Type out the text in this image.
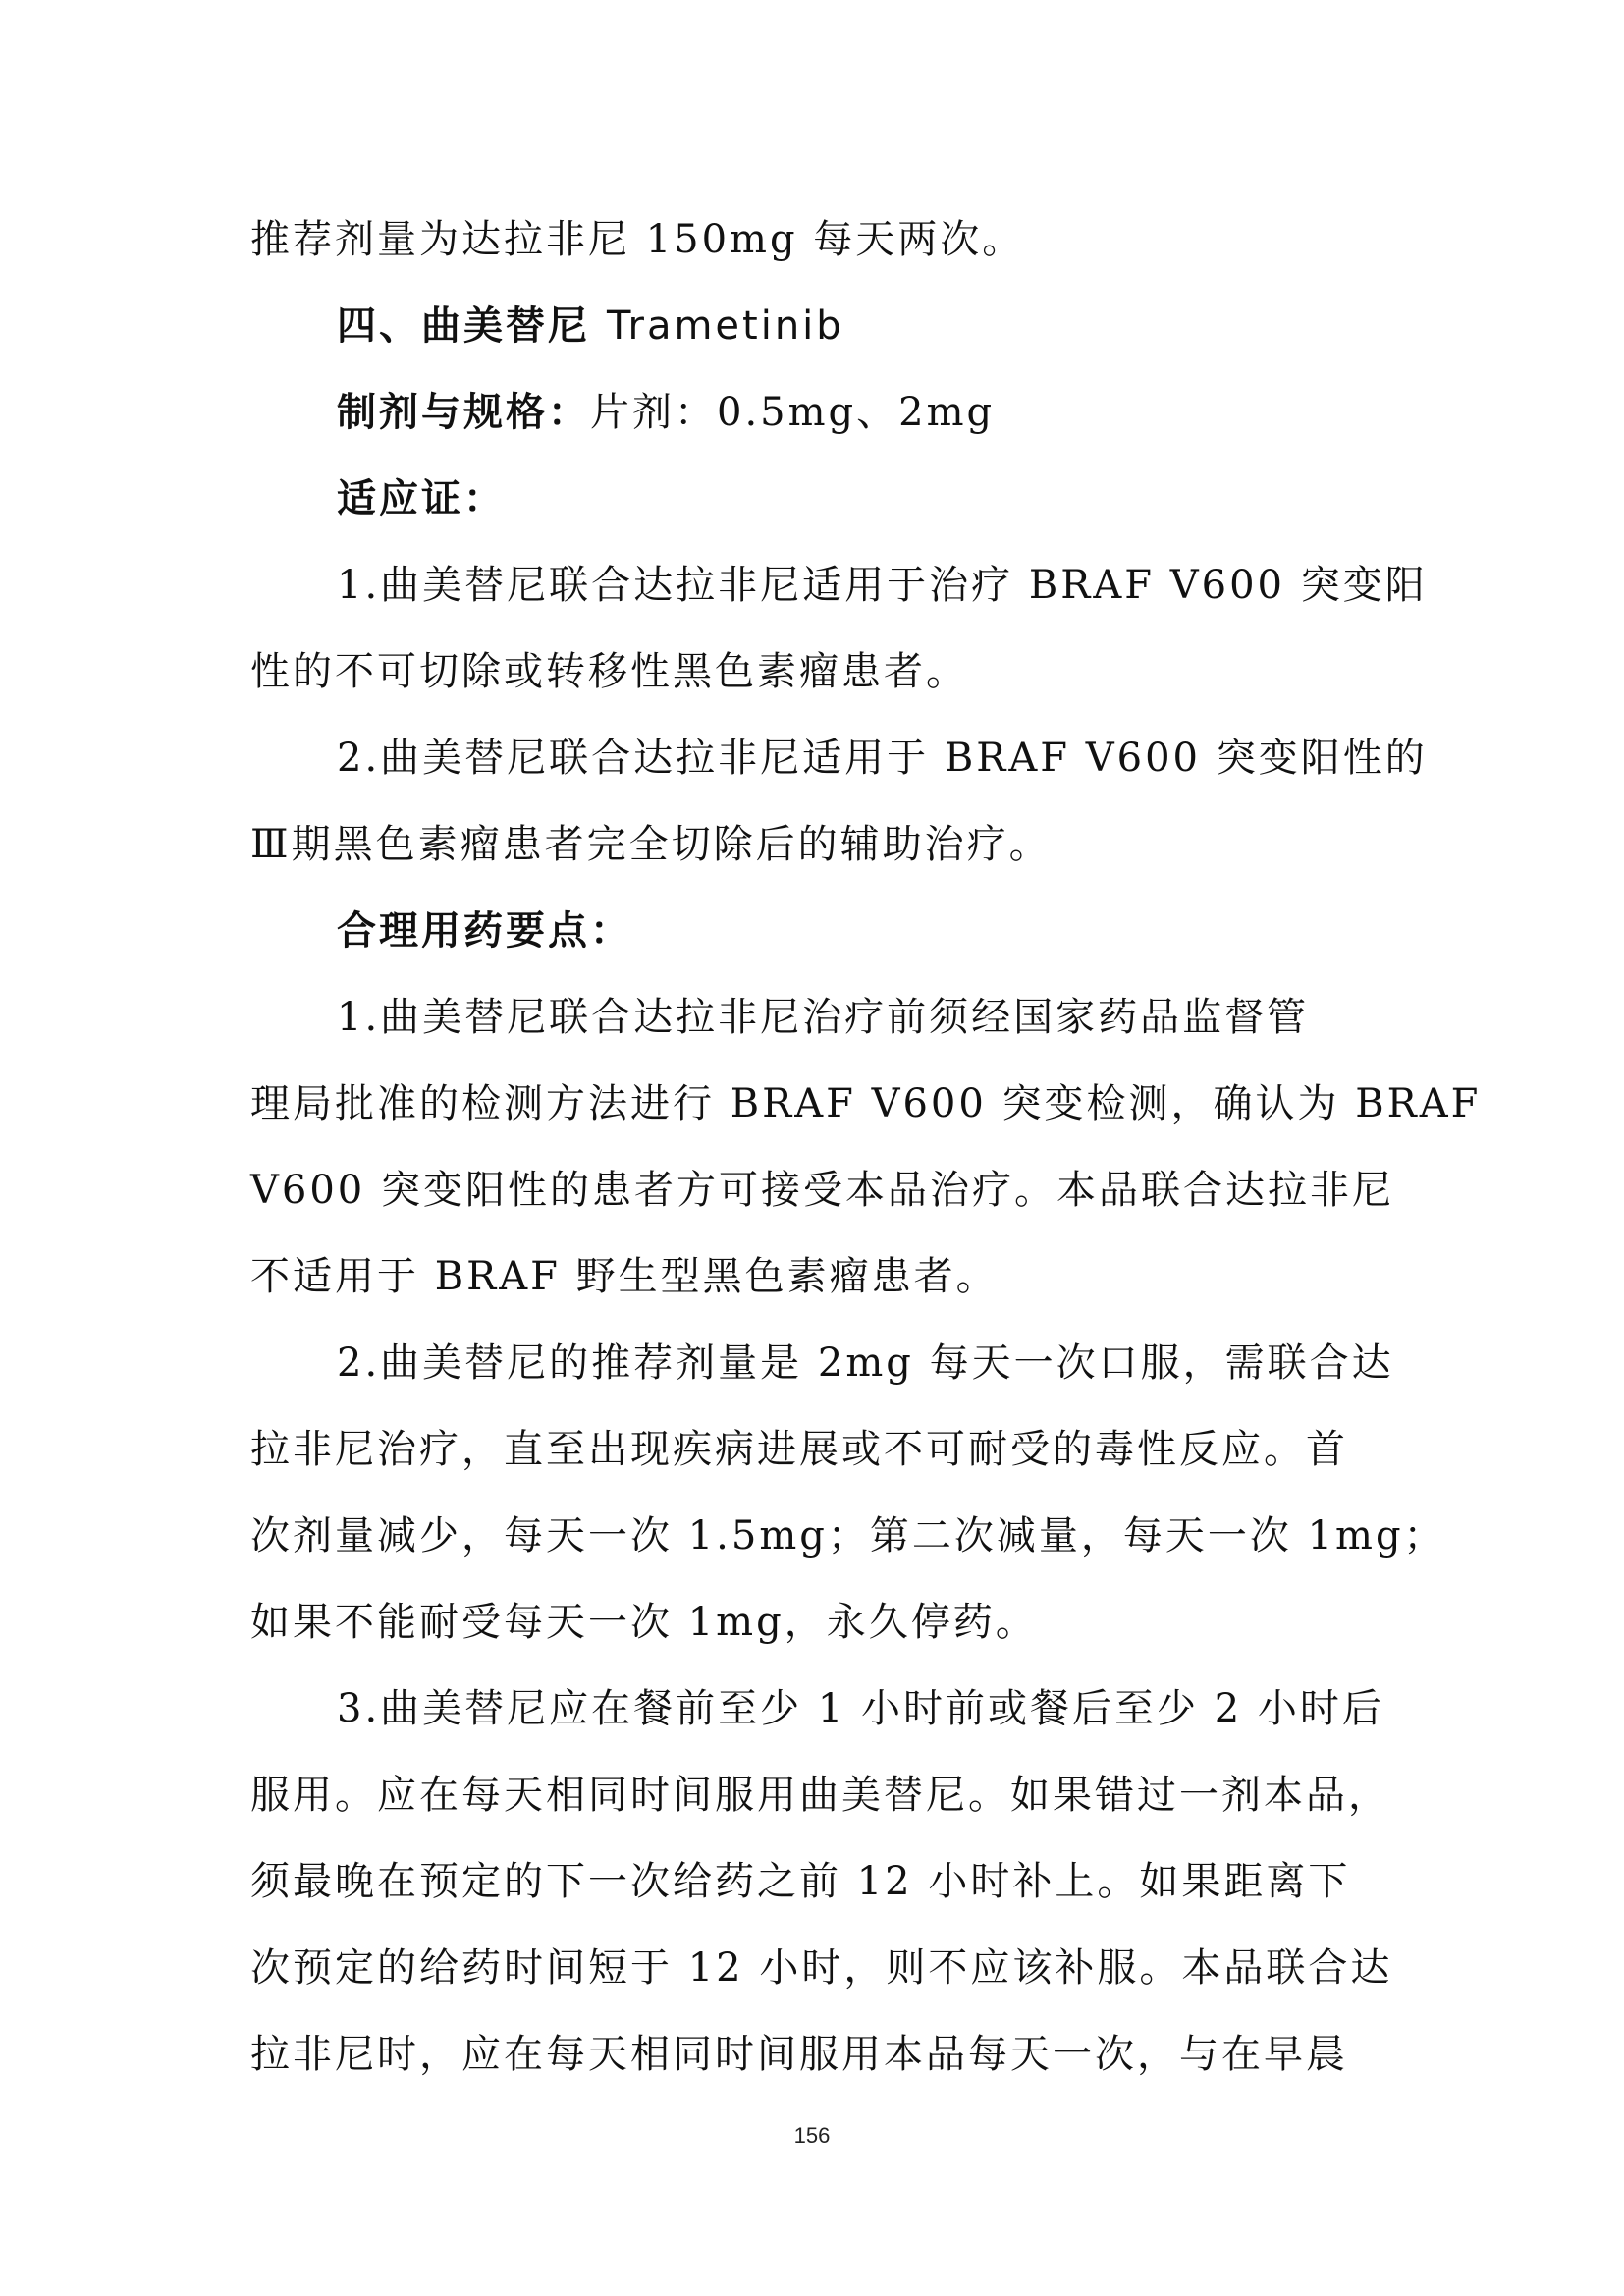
推荐剂量为达拉非尼 150mg 每天两次。
四、曲美替尼 Trametinib
制剂与规格：片剂：0.5mg、2mg
适应证：
1.曲美替尼联合达拉非尼适用于治疗 BRAF V600 突变阳
性的不可切除或转移性黑色素瘤患者。
2.曲美替尼联合达拉非尼适用于 BRAF V600 突变阳性的
Ⅲ期黑色素瘤患者完全切除后的辅助治疗。
合理用药要点：
1.曲美替尼联合达拉非尼治疗前须经国家药品监督管
理局批准的检测方法进行 BRAF V600 突变检测，确认为 BRAF
V600 突变阳性的患者方可接受本品治疗。本品联合达拉非尼
不适用于 BRAF 野生型黑色素瘤患者。
2.曲美替尼的推荐剂量是 2mg 每天一次口服，需联合达
拉非尼治疗，直至出现疾病进展或不可耐受的毒性反应。首
次剂量减少，每天一次 1.5mg；第二次减量，每天一次 1mg；
如果不能耐受每天一次 1mg，永久停药。
3.曲美替尼应在餐前至少 1 小时前或餐后至少 2 小时后
服用。应在每天相同时间服用曲美替尼。如果错过一剂本品，
须最晚在预定的下一次给药之前 12 小时补上。如果距离下
次预定的给药时间短于 12 小时，则不应该补服。本品联合达
拉非尼时，应在每天相同时间服用本品每天一次，与在早晨
156
